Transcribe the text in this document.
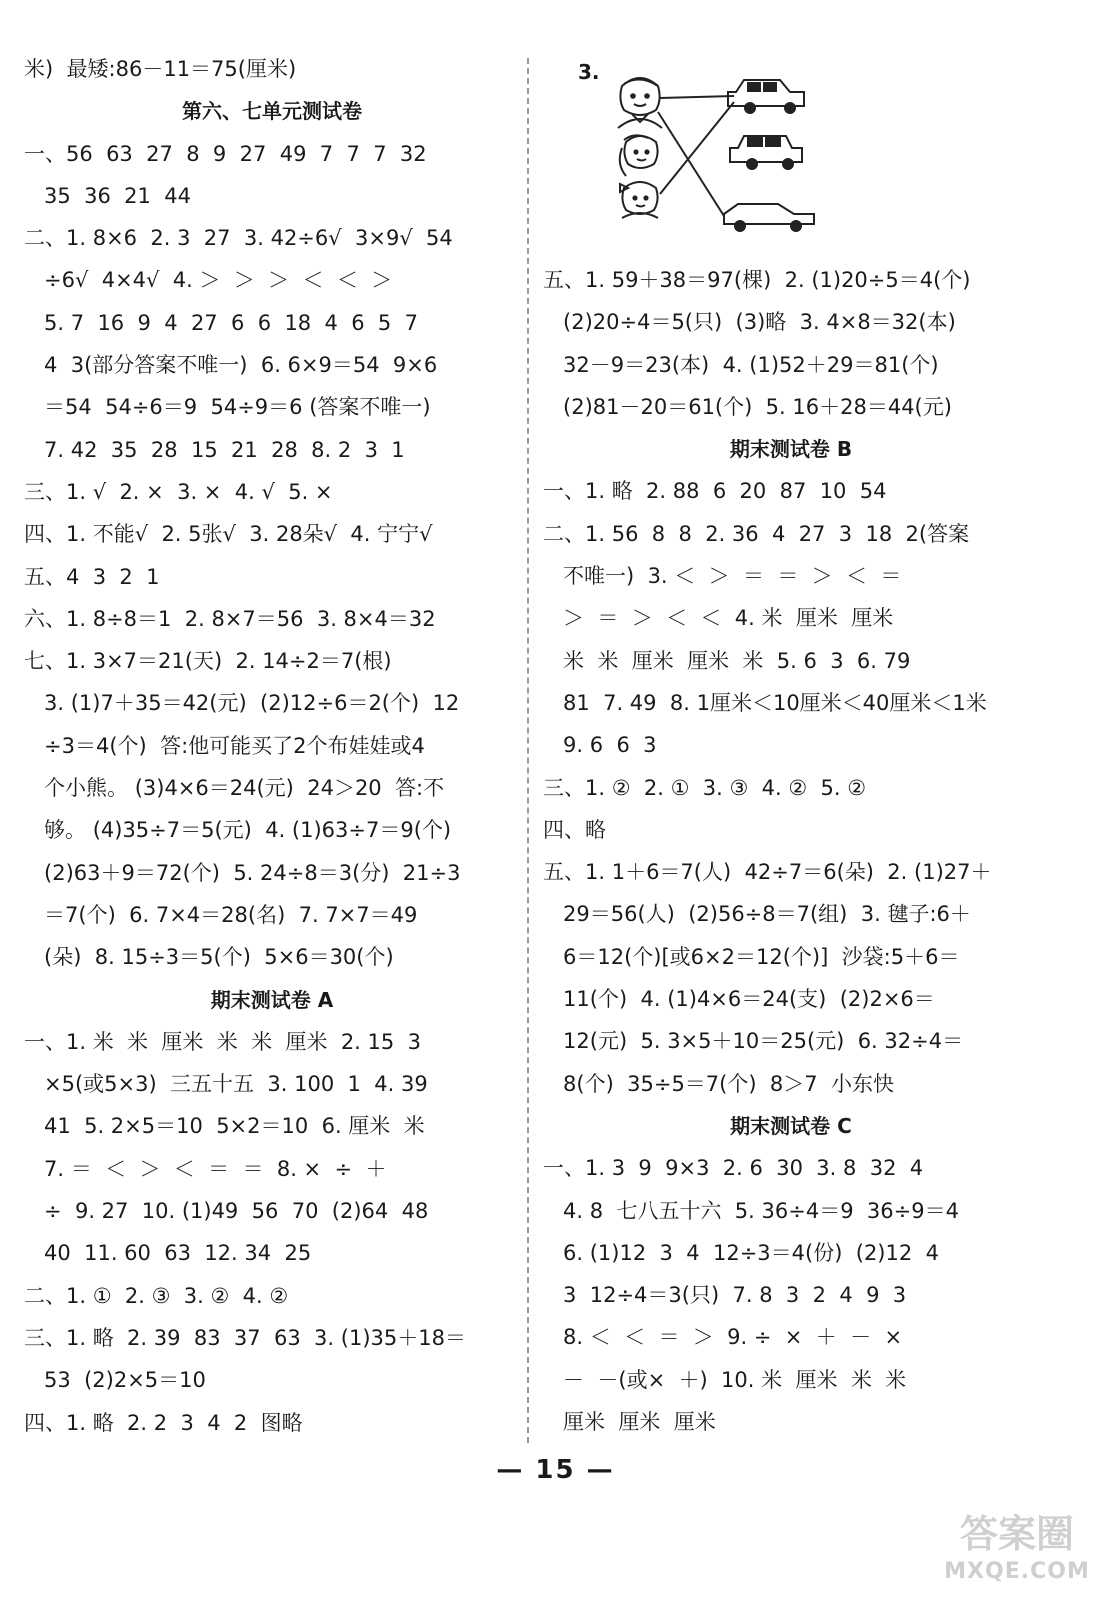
米)  最矮:86－11＝75(厘米)
第六、七单元测试卷
一、56  63  27  8  9  27  49  7  7  7  32
35  36  21  44
二、1. 8×6  2. 3  27  3. 42÷6√  3×9√  54
÷6√  4×4√  4. ＞  ＞  ＞  ＜  ＜  ＞
5. 7  16  9  4  27  6  6  18  4  6  5  7
4  3(部分答案不唯一)  6. 6×9＝54  9×6
＝54  54÷6＝9  54÷9＝6 (答案不唯一)
7. 42  35  28  15  21  28  8. 2  3  1
三、1. √  2. ×  3. ×  4. √  5. ×
四、1. 不能√  2. 5张√  3. 28朵√  4. 宁宁√
五、4  3  2  1
六、1. 8÷8＝1  2. 8×7＝56  3. 8×4＝32
七、1. 3×7＝21(天)  2. 14÷2＝7(根)
3. (1)7＋35＝42(元)  (2)12÷6＝2(个)  12
÷3＝4(个)  答:他可能买了2个布娃娃或4
个小熊。 (3)4×6＝24(元)  24＞20  答:不
够。 (4)35÷7＝5(元)  4. (1)63÷7＝9(个)
(2)63＋9＝72(个)  5. 24÷8＝3(分)  21÷3
＝7(个)  6. 7×4＝28(名)  7. 7×7＝49
(朵)  8. 15÷3＝5(个)  5×6＝30(个)
期末测试卷 A
一、1. 米  米  厘米  米  米  厘米  2. 15  3
×5(或5×3)  三五十五  3. 100  1  4. 39
41  5. 2×5＝10  5×2＝10  6. 厘米  米
7. ＝  ＜  ＞  ＜  ＝  ＝  8. ×  ÷  ＋
÷  9. 27  10. (1)49  56  70  (2)64  48
40  11. 60  63  12. 34  25
二、1. ①  2. ③  3. ②  4. ②
三、1. 略  2. 39  83  37  63  3. (1)35＋18＝
53  (2)2×5＝10
四、1. 略  2. 2  3  4  2  图略
3.
五、1. 59＋38＝97(棵)  2. (1)20÷5＝4(个)
(2)20÷4＝5(只)  (3)略  3. 4×8＝32(本)
32－9＝23(本)  4. (1)52＋29＝81(个)
(2)81－20＝61(个)  5. 16＋28＝44(元)
期末测试卷 B
一、1. 略  2. 88  6  20  87  10  54
二、1. 56  8  8  2. 36  4  27  3  18  2(答案
不唯一)  3. ＜  ＞  ＝  ＝  ＞  ＜  ＝
＞  ＝  ＞  ＜  ＜  4. 米  厘米  厘米
米  米  厘米  厘米  米  5. 6  3  6. 79
81  7. 49  8. 1厘米＜10厘米＜40厘米＜1米
9. 6  6  3
三、1. ②  2. ①  3. ③  4. ②  5. ②
四、略
五、1. 1＋6＝7(人)  42÷7＝6(朵)  2. (1)27＋
29＝56(人)  (2)56÷8＝7(组)  3. 毽子:6＋
6＝12(个)[或6×2＝12(个)]  沙袋:5＋6＝
11(个)  4. (1)4×6＝24(支)  (2)2×6＝
12(元)  5. 3×5＋10＝25(元)  6. 32÷4＝
8(个)  35÷5＝7(个)  8＞7  小东快
期末测试卷 C
一、1. 3  9  9×3  2. 6  30  3. 8  32  4
4. 8  七八五十六  5. 36÷4＝9  36÷9＝4
6. (1)12  3  4  12÷3＝4(份)  (2)12  4
3  12÷4＝3(只)  7. 8  3  2  4  9  3
8. ＜  ＜  ＝  ＞  9. ÷  ×  ＋  －  ×
－  －(或×  ＋)  10. 米  厘米  米  米
厘米  厘米  厘米
— 15 —
答案圈
MXQE.COM
